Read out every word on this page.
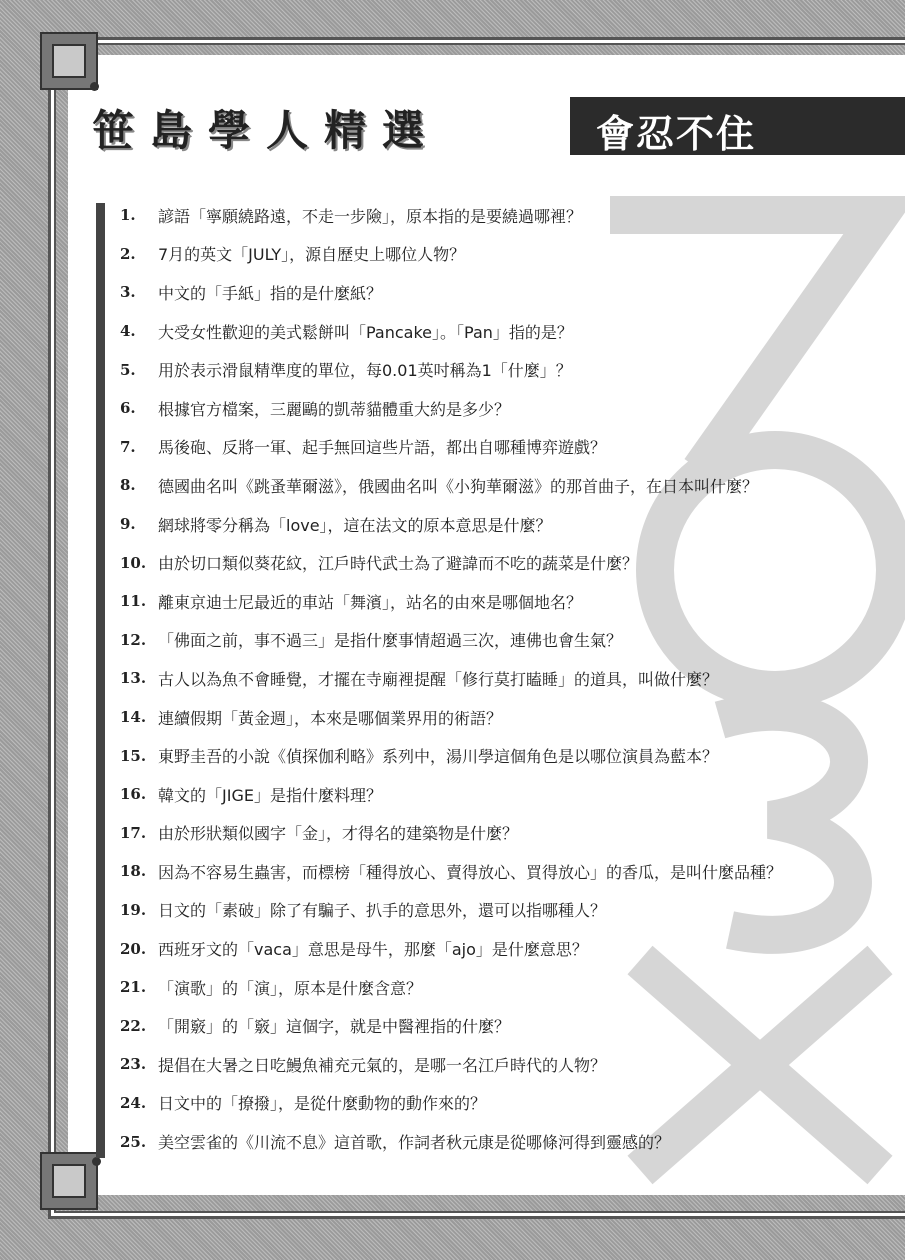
笹島學人精選	會忍不住
1.	諺語「寧願繞路遠，不走一步險」，原本指的是要繞過哪裡？
2.	7月的英文「JULY」，源自歷史上哪位人物？
3.	中文的「手紙」指的是什麼紙？
4.	大受女性歡迎的美式鬆餅叫「Pancake」。「Pan」指的是？
5.	用於表示滑鼠精準度的單位，每0.01英吋稱為1「什麼」？
6.	根據官方檔案，三麗鷗的凱蒂貓體重大約是多少？
7.	馬後砲、反將一軍、起手無回這些片語，都出自哪種博弈遊戲？
8.	德國曲名叫《跳蚤華爾滋》，俄國曲名叫《小狗華爾滋》的那首曲子，在日本叫什麼？
9.	網球將零分稱為「love」，這在法文的原本意思是什麼？
10. 由於切口類似葵花紋，江戶時代武士為了避諱而不吃的蔬菜是什麼？
11. 離東京迪士尼最近的車站「舞濱」，站名的由來是哪個地名？
12. 「佛面之前，事不過三」是指什麼事情超過三次，連佛也會生氣？
13. 古人以為魚不會睡覺，才擺在寺廟裡提醒「修行莫打瞌睡」的道具，叫做什麼？
14. 連續假期「黃金週」，本來是哪個業界用的術語？
15. 東野圭吾的小說《偵探伽利略》系列中，湯川學這個角色是以哪位演員為藍本？
16. 韓文的「JIGE」是指什麼料理？
17. 由於形狀類似國字「金」，才得名的建築物是什麼？
18. 因為不容易生蟲害，而標榜「種得放心、賣得放心、買得放心」的香瓜，是叫什麼品種？
19. 日文的「素破」除了有騙子、扒手的意思外，還可以指哪種人？
20. 西班牙文的「vaca」意思是母牛，那麼「ajo」是什麼意思？
21. 「演歌」的「演」，原本是什麼含意？
22. 「開竅」的「竅」這個字，就是中醫裡指的什麼？
23. 提倡在大暑之日吃鰻魚補充元氣的，是哪一名江戶時代的人物？
24. 日文中的「撩撥」，是從什麼動物的動作來的？
25. 美空雲雀的《川流不息》這首歌，作詞者秋元康是從哪條河得到靈感的？
